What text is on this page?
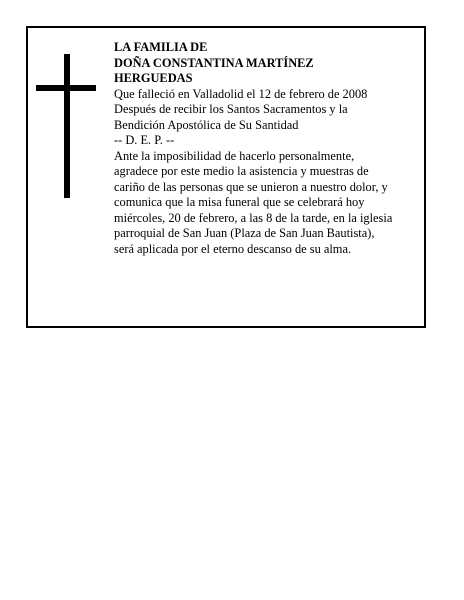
LA FAMILIA DE
DOÑA CONSTANTINA MARTÍNEZ
HERGUEDAS
Que falleció en Valladolid el 12 de febrero de 2008
Después de recibir los Santos Sacramentos y la
Bendición Apostólica de Su Santidad
-- D. E. P. --
Ante la imposibilidad de hacerlo personalmente,
agradece por este medio la asistencia y muestras de
cariño de las personas que se unieron a nuestro dolor, y
comunica que la misa funeral que se celebrará hoy
miércoles, 20 de febrero, a las 8 de la tarde, en la iglesia
parroquial de San Juan (Plaza de San Juan Bautista),
será aplicada por el eterno descanso de su alma.
